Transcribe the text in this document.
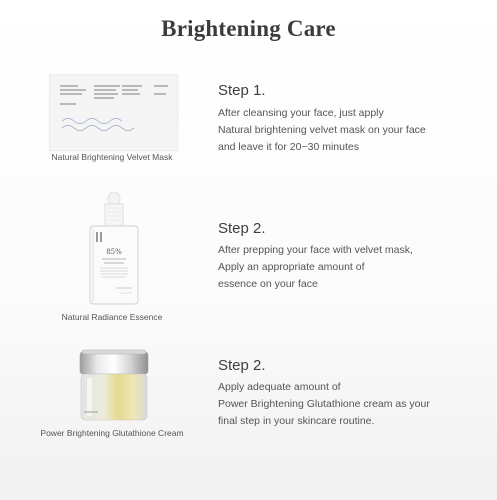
Brightening Care
Natural Brightening Velvet Mask
Step 1.
After cleansing your face, just apply
Natural brightening velvet mask on your face
and leave it for 20~30 minutes
85%
Natural Radiance Essence
Step 2.
After prepping your face with velvet mask,
Apply an appropriate amount of
essence on your face
Power Brightening Glutathione Cream
Step 2.
Apply adequate amount of
Power Brightening Glutathione cream as your
final step in your skincare routine.
